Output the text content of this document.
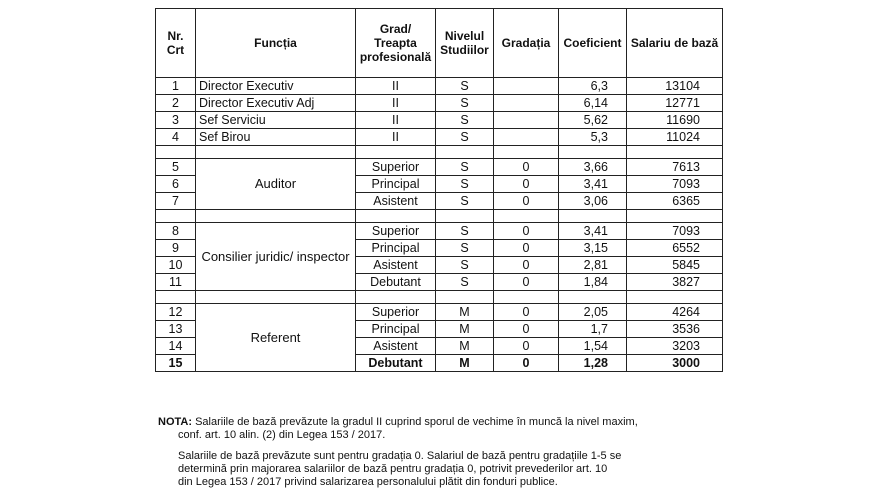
Nr. Crt	Funcția	Grad/ Treapta profesională	Nivelul Studiilor	Gradația	Coeficient	Salariu de bază
1	Director Executiv	II	S		6,3	13104
2	Director Executiv Adj	II	S		6,14	12771
3	Sef Serviciu	II	S		5,62	11690
4	Sef Birou	II	S		5,3	11024

5	Auditor	Superior	S	0	3,66	7613
6		Principal	S	0	3,41	7093
7		Asistent	S	0	3,06	6365

8	Consilier juridic/ inspector	Superior	S	0	3,41	7093
9		Principal	S	0	3,15	6552
10		Asistent	S	0	2,81	5845
11		Debutant	S	0	1,84	3827

12	Referent	Superior	M	0	2,05	4264
13		Principal	M	0	1,7	3536
14		Asistent	M	0	1,54	3203
15		Debutant	M	0	1,28	3000

NOTA: Salariile de bază prevăzute la gradul II cuprind sporul de vechime în muncă la nivel maxim,

conf. art. 10 alin. (2) din Legea 153 / 2017.

Salariile de bază prevăzute sunt pentru gradația 0. Salariul de bază pentru gradațiile 1-5 se

determină prin majorarea salariilor de bază pentru gradația 0, potrivit prevederilor art. 10

din Legea 153 / 2017 privind salarizarea personalului plătit din fonduri publice.
